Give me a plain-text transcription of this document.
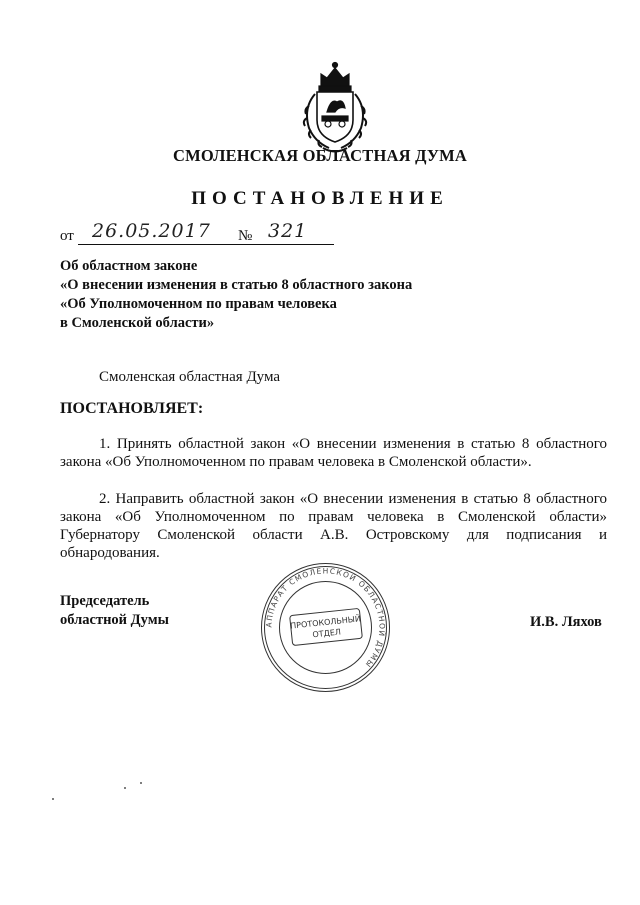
СМОЛЕНСКАЯ ОБЛАСТНАЯ ДУМА
ПОСТАНОВЛЕНИЕ
от 26.05.2017 № 321
Об областном законе
«О внесении изменения в статью 8 областного закона
«Об Уполномоченном по правам человека
в Смоленской области»
Смоленская областная Дума
ПОСТАНОВЛЯЕТ:
1. Принять областной закон «О внесении изменения в статью 8 областного закона «Об Уполномоченном по правам человека в Смоленской области».
2. Направить областной закон «О внесении изменения в статью 8 областного закона «Об Уполномоченном по правам человека в Смоленской области» Губернатору Смоленской области А.В. Островскому для подписания и обнародования.
Председатель
областной Думы	И.В. Ляхов
АППАРАТ СМОЛЕНСКОЙ ОБЛАСТНОЙ ДУМЫ
ПРОТОКОЛЬНЫЙ
ОТДЕЛ
